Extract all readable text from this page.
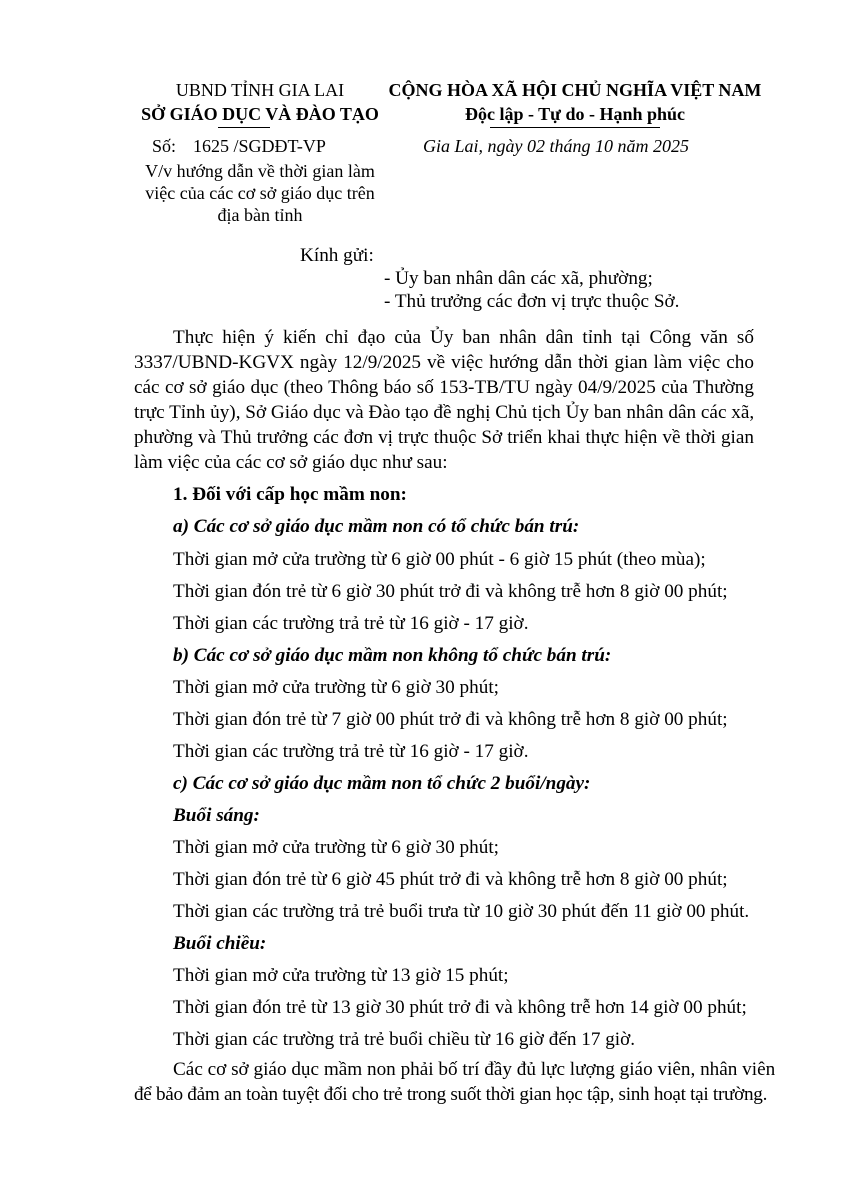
UBND TỈNH GIA LAI
SỞ GIÁO DỤC VÀ ĐÀO TẠO
Số: 1625 /SGDĐT-VP
V/v hướng dẫn về thời gian làm
việc của các cơ sở giáo dục trên
địa bàn tỉnh
CỘNG HÒA XÃ HỘI CHỦ NGHĨA VIỆT NAM
Độc lập - Tự do - Hạnh phúc
Gia Lai, ngày 02 tháng 10 năm 2025
Kính gửi:
- Ủy ban nhân dân các xã, phường;
- Thủ trưởng các đơn vị trực thuộc Sở.
Thực hiện ý kiến chỉ đạo của Ủy ban nhân dân tỉnh tại Công văn số
3337/UBND-KGVX ngày 12/9/2025 về việc hướng dẫn thời gian làm việc cho
các cơ sở giáo dục (theo Thông báo số 153-TB/TU ngày 04/9/2025 của Thường
trực Tỉnh ủy), Sở Giáo dục và Đào tạo đề nghị Chủ tịch Ủy ban nhân dân các xã,
phường và Thủ trưởng các đơn vị trực thuộc Sở triển khai thực hiện về thời gian
làm việc của các cơ sở giáo dục như sau:
1. Đối với cấp học mầm non:
a) Các cơ sở giáo dục mầm non có tổ chức bán trú:
Thời gian mở cửa trường từ 6 giờ 00 phút - 6 giờ 15 phút (theo mùa);
Thời gian đón trẻ từ 6 giờ 30 phút trở đi và không trễ hơn 8 giờ 00 phút;
Thời gian các trường trả trẻ từ 16 giờ - 17 giờ.
b) Các cơ sở giáo dục mầm non không tổ chức bán trú:
Thời gian mở cửa trường từ 6 giờ 30 phút;
Thời gian đón trẻ từ 7 giờ 00 phút trở đi và không trễ hơn 8 giờ 00 phút;
Thời gian các trường trả trẻ từ 16 giờ - 17 giờ.
c) Các cơ sở giáo dục mầm non tổ chức 2 buổi/ngày:
Buổi sáng:
Thời gian mở cửa trường từ 6 giờ 30 phút;
Thời gian đón trẻ từ 6 giờ 45 phút trở đi và không trễ hơn 8 giờ 00 phút;
Thời gian các trường trả trẻ buổi trưa từ 10 giờ 30 phút đến 11 giờ 00 phút.
Buổi chiều:
Thời gian mở cửa trường từ 13 giờ 15 phút;
Thời gian đón trẻ từ 13 giờ 30 phút trở đi và không trễ hơn 14 giờ 00 phút;
Thời gian các trường trả trẻ buổi chiều từ 16 giờ đến 17 giờ.
Các cơ sở giáo dục mầm non phải bố trí đầy đủ lực lượng giáo viên, nhân viên
để bảo đảm an toàn tuyệt đối cho trẻ trong suốt thời gian học tập, sinh hoạt tại trường.
